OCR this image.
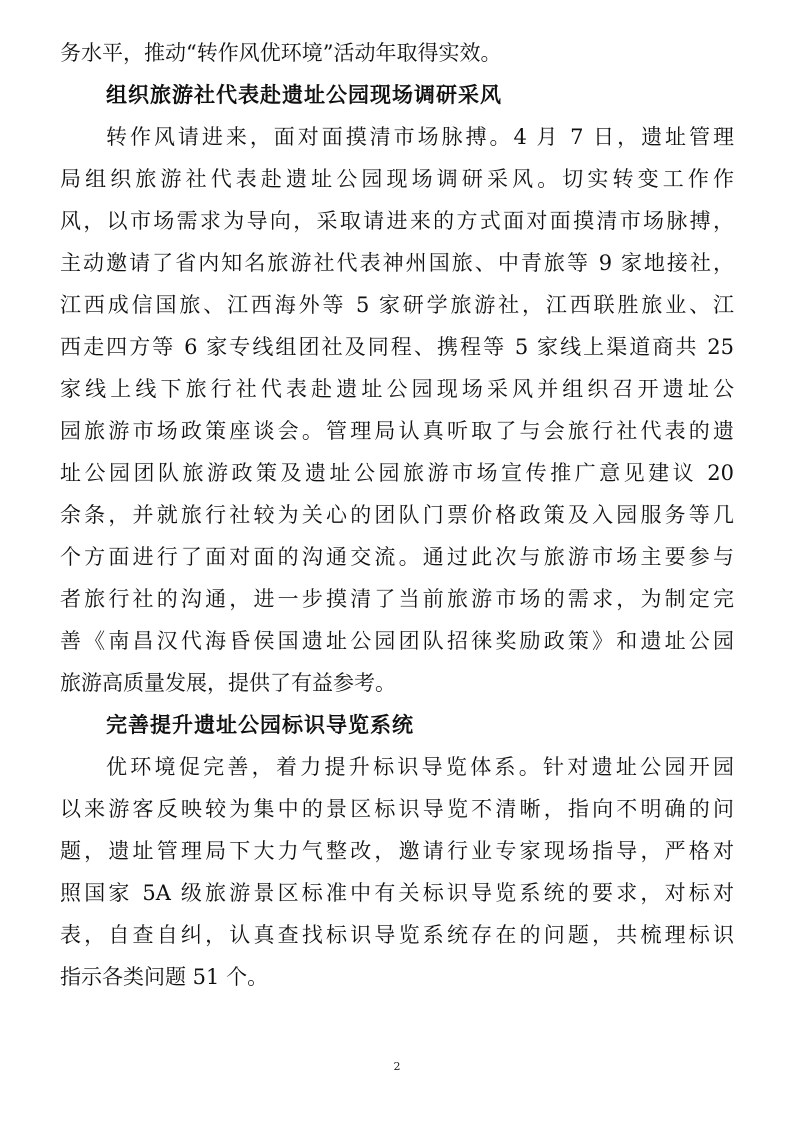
务水平，推动“转作风优环境”活动年取得实效。
组织旅游社代表赴遗址公园现场调研采风
转作风请进来，面对面摸清市场脉搏。4 月 7 日，遗址管理
局组织旅游社代表赴遗址公园现场调研采风。切实转变工作作
风，以市场需求为导向，采取请进来的方式面对面摸清市场脉搏，
主动邀请了省内知名旅游社代表神州国旅、中青旅等 9 家地接社，
江西成信国旅、江西海外等 5 家研学旅游社，江西联胜旅业、江
西走四方等 6 家专线组团社及同程、携程等 5 家线上渠道商共 25
家线上线下旅行社代表赴遗址公园现场采风并组织召开遗址公
园旅游市场政策座谈会。管理局认真听取了与会旅行社代表的遗
址公园团队旅游政策及遗址公园旅游市场宣传推广意见建议 20
余条，并就旅行社较为关心的团队门票价格政策及入园服务等几
个方面进行了面对面的沟通交流。通过此次与旅游市场主要参与
者旅行社的沟通，进一步摸清了当前旅游市场的需求，为制定完
善《南昌汉代海昏侯国遗址公园团队招徕奖励政策》和遗址公园
旅游高质量发展，提供了有益参考。
完善提升遗址公园标识导览系统
优环境促完善，着力提升标识导览体系。针对遗址公园开园
以来游客反映较为集中的景区标识导览不清晰，指向不明确的问
题，遗址管理局下大力气整改，邀请行业专家现场指导，严格对
照国家 5A 级旅游景区标准中有关标识导览系统的要求，对标对
表，自查自纠，认真查找标识导览系统存在的问题，共梳理标识
指示各类问题 51 个。
2
